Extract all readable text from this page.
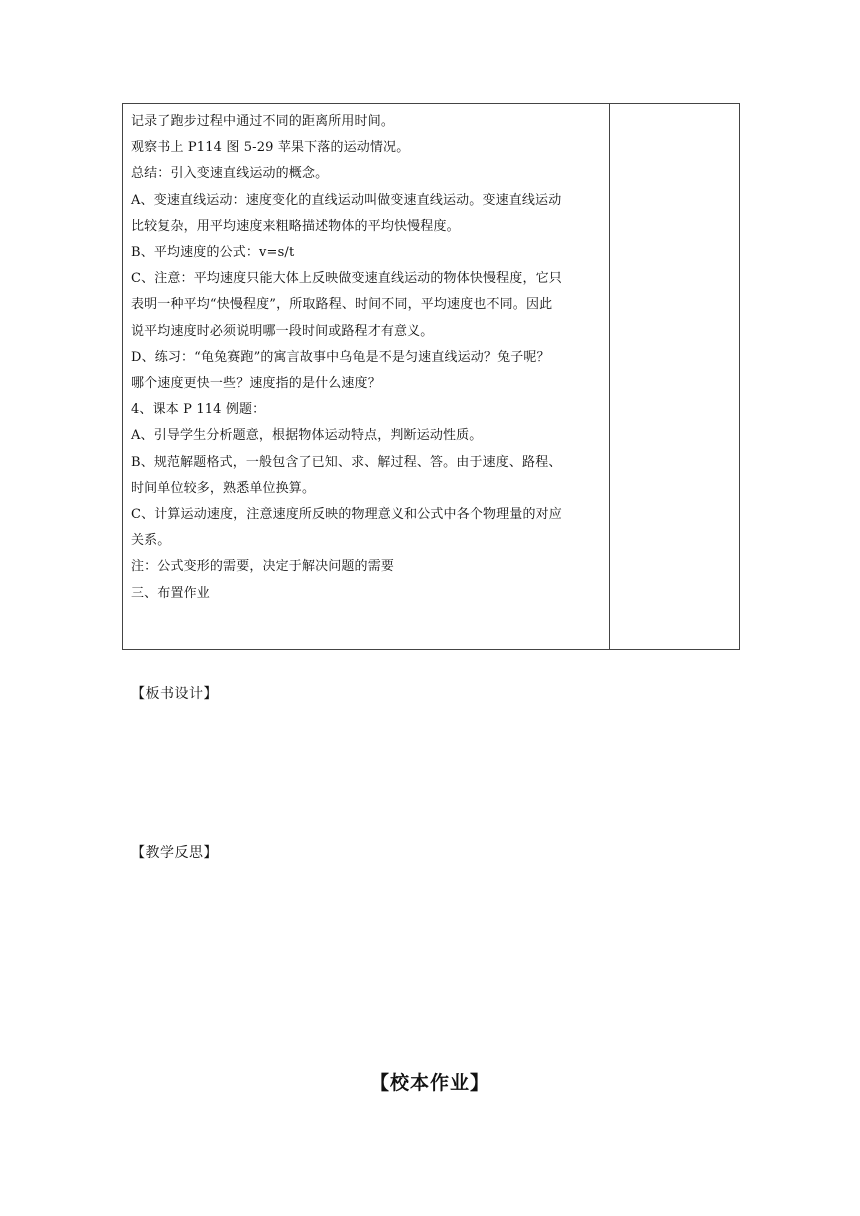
记录了跑步过程中通过不同的距离所用时间。
观察书上 P114 图 5-29 苹果下落的运动情况。
总结：引入变速直线运动的概念。
A、变速直线运动：速度变化的直线运动叫做变速直线运动。变速直线运动
比较复杂，用平均速度来粗略描述物体的平均快慢程度。
B、平均速度的公式：v=s/t
C、注意：平均速度只能大体上反映做变速直线运动的物体快慢程度，它只
表明一种平均“快慢程度”，所取路程、时间不同，平均速度也不同。因此
说平均速度时必须说明哪一段时间或路程才有意义。
D、练习：“龟兔赛跑”的寓言故事中乌龟是不是匀速直线运动？兔子呢？
哪个速度更快一些？速度指的是什么速度？
4、课本 P 114 例题：
A、引导学生分析题意，根据物体运动特点，判断运动性质。
B、规范解题格式，一般包含了已知、求、解过程、答。由于速度、路程、
时间单位较多，熟悉单位换算。
C、计算运动速度，注意速度所反映的物理意义和公式中各个物理量的对应
关系。
注：公式变形的需要，决定于解决问题的需要
三、布置作业
【板书设计】
【教学反思】
【校本作业】
